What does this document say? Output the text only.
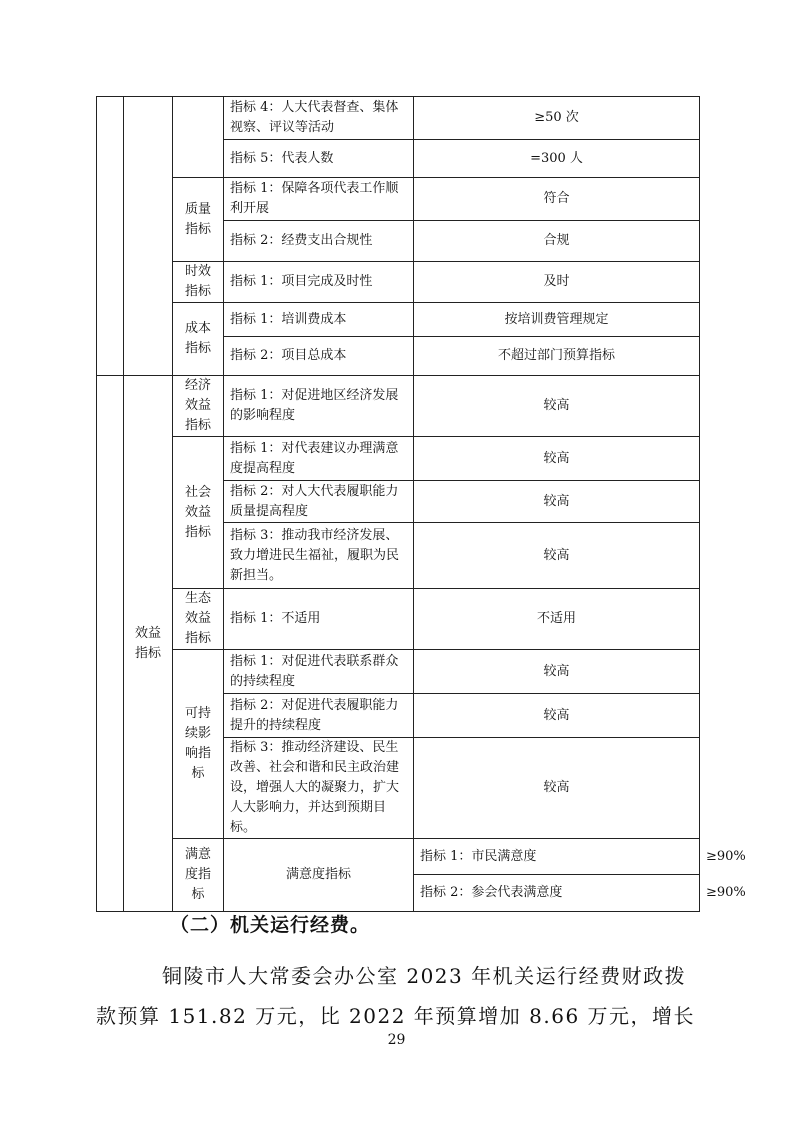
			指标 4：人大代表督查、集体视察、评议等活动	≥50 次	
			指标 5：代表人数	=300 人	
		质量指标	指标 1：保障各项代表工作顺利开展	符合	
			指标 2：经费支出合规性	合规	
		时效指标	指标 1：项目完成及时性	及时	
		成本指标	指标 1：培训费成本	按培训费管理规定	
			指标 2：项目总成本	不超过部门预算指标	
	效益指标	经济效益指标	指标 1：对促进地区经济发展的影响程度	较高	
		社会效益指标	指标 1：对代表建议办理满意度提高程度	较高	
			指标 2：对人大代表履职能力质量提高程度	较高	
			指标 3：推动我市经济发展、致力增进民生福祉，履职为民新担当。	较高	
		生态效益指标	指标 1：不适用	不适用	
		可持续影响指标	指标 1：对促进代表联系群众的持续程度	较高	
			指标 2：对促进代表履职能力提升的持续程度	较高	
			指标 3：推动经济建设、民生改善、社会和谐和民主政治建设，增强人大的凝聚力，扩大人大影响力，并达到预期目标。	较高	
		满意度指标	满意度指标	指标 1：市民满意度	≥90%
				指标 2：参会代表满意度	≥90%
（二）机关运行经费。
铜陵市人大常委会办公室 2023 年机关运行经费财政拨
款预算 151.82 万元，比 2022 年预算增加 8.66 万元，增长
29
